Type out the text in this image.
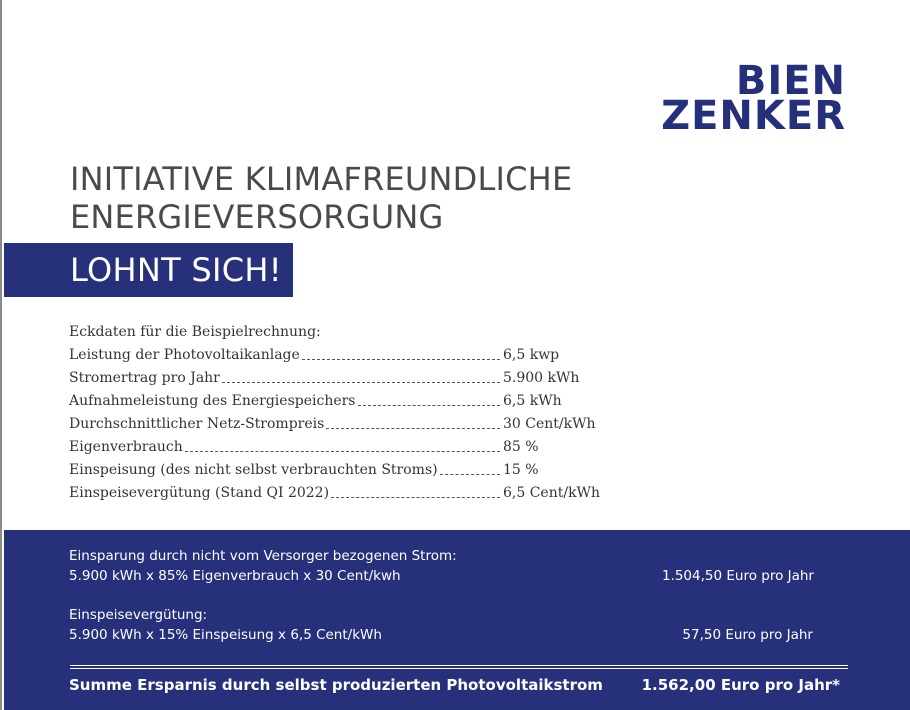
BIEN
ZENKER
INITIATIVE KLIMAFREUNDLICHE
ENERGIEVERSORGUNG
LOHNT SICH!
Eckdaten für die Beispielrechnung:
Leistung der Photovoltaikanlage	6,5 kwp
Stromertrag pro Jahr	5.900 kWh
Aufnahmeleistung des Energiespeichers	6,5 kWh
Durchschnittlicher Netz-Strompreis	30 Cent/kWh
Eigenverbrauch	85 %
Einspeisung (des nicht selbst verbrauchten Stroms)	15 %
Einspeisevergütung (Stand QI 2022)	6,5 Cent/kWh
Einsparung durch nicht vom Versorger bezogenen Strom:
5.900 kWh x 85% Eigenverbrauch x 30 Cent/kwh	1.504,50 Euro pro Jahr
Einspeisevergütung:
5.900 kWh x 15% Einspeisung x 6,5 Cent/kWh	57,50 Euro pro Jahr
Summe Ersparnis durch selbst produzierten Photovoltaikstrom	1.562,00 Euro pro Jahr*
